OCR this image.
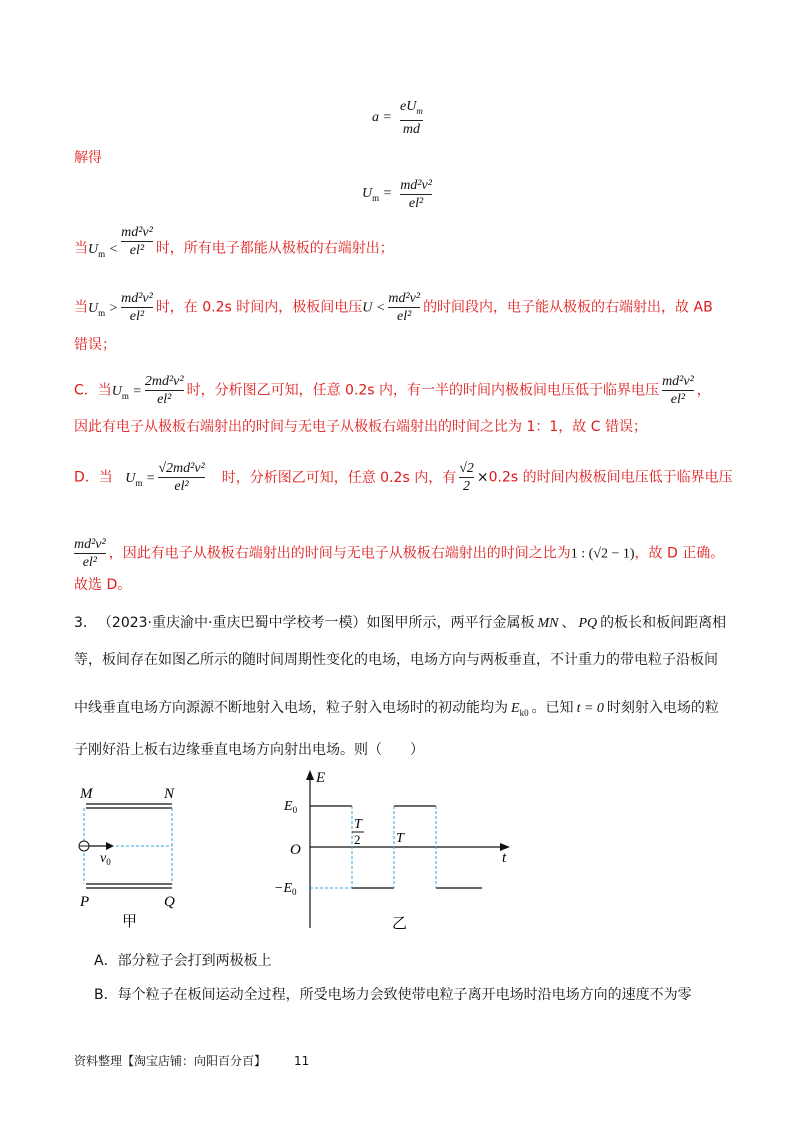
$a = \frac{eU_m}{md}$
解得
$U_m = \frac{\text{md²v²}}{\text{el²}}$
当$U_m < \frac{\text{md²v²}}{\text{el²}}$ 时，所有电子都能从极板的右端射出；
当$U_m > \frac{\text{md²v²}}{\text{el²}}$ 时，在 0.2s 时间内，极板间电压$U < \frac{\text{md²v²}}{\text{el²}}$ 的时间段内，电子能从极板的右端射出，故 AB
错误；
C．当$U_m = \frac{\text{2md²v²}}{\text{el²}}$ 时，分析图乙可知，任意 0.2s 内，有一半的时间内极板间电压低于临界电压 $\frac{\text{md²v²}}{\text{el²}}$ ，
因此有电子从极板右端射出的时间与无电子从极板右端射出的时间之比为 1：1，故 C 错误；
D．当 $U_m = \frac{\text{√2md²v²}}{\text{el²}}$ 时，分析图乙可知，任意 0.2s 内，有 $\frac{√2}{2} \times 0.2s$ 的时间内极板间电压低于临界电压
$\frac{\text{md²v²}}{\text{el²}}$ ，因此有电子从极板右端射出的时间与无电子从极板右端射出的时间之比为1 : (√2 − 1)，故 D 正确。
故选 D。
3． （2023·重庆渝中·重庆巴蜀中学校考一模）如图甲所示，两平行金属板 MN 、 PQ 的板长和板间距离相
等，板间存在如图乙所示的随时间周期性变化的电场，电场方向与两板垂直，不计重力的带电粒子沿板间
中线垂直电场方向源源不断地射入电场，粒子射入电场时的初动能均为 $E_{k0}$ 。已知 t = 0 时刻射入电场的粒
子刚好沿上板右边缘垂直电场方向射出电场。则（　　）
M	N
P	Q
$v_0$
甲
E
$E_0$
$-E_0$
O	t
T
2	T
乙
A．部分粒子会打到两极板上
B．每个粒子在板间运动全过程，所受电场力会致使带电粒子离开电场时沿电场方向的速度不为零
资料整理【淘宝店铺：向阳百分百】 11
